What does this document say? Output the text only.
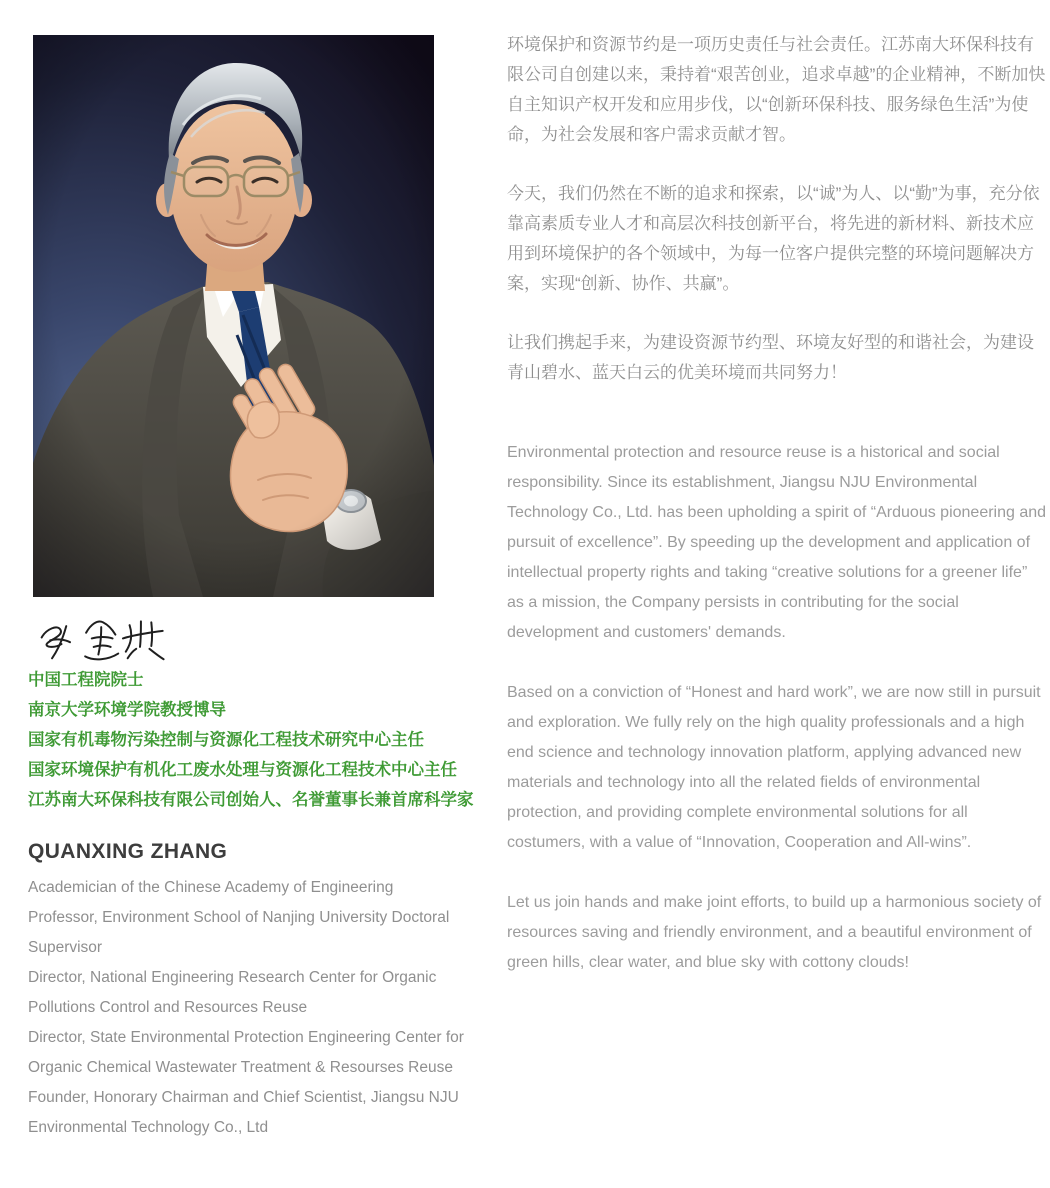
中国工程院院士
南京大学环境学院教授博导
国家有机毒物污染控制与资源化工程技术研究中心主任
国家环境保护有机化工废水处理与资源化工程技术中心主任
江苏南大环保科技有限公司创始人、名誉董事长兼首席科学家
QUANXING ZHANG
Academician of the Chinese Academy of Engineering
Professor, Environment School of Nanjing University Doctoral
Supervisor
Director, National Engineering Research Center for Organic
Pollutions Control and Resources Reuse
Director, State Environmental Protection Engineering Center for
Organic Chemical Wastewater Treatment & Resourses Reuse
Founder, Honorary Chairman and Chief Scientist, Jiangsu NJU
Environmental Technology Co., Ltd

环境保护和资源节约是一项历史责任与社会责任。江苏南大环保科技有限公司自创建以来，秉持着“艰苦创业，追求卓越”的企业精神，不断加快自主知识产权开发和应用步伐，以“创新环保科技、服务绿色生活”为使命，为社会发展和客户需求贡献才智。

今天，我们仍然在不断的追求和探索，以“诚”为人、以“勤”为事，充分依靠高素质专业人才和高层次科技创新平台，将先进的新材料、新技术应用到环境保护的各个领域中，为每一位客户提供完整的环境问题解决方案，实现“创新、协作、共赢”。

让我们携起手来，为建设资源节约型、环境友好型的和谐社会，为建设青山碧水、蓝天白云的优美环境而共同努力！

Environmental protection and resource reuse is a historical and social responsibility. Since its establishment, Jiangsu NJU Environmental Technology Co., Ltd. has been upholding a spirit of “Arduous pioneering and pursuit of excellence”. By speeding up the development and application of intellectual property rights and taking “creative solutions for a greener life” as a mission, the Company persists in contributing for the social development and customers' demands.

Based on a conviction of “Honest and hard work”, we are now still in pursuit and exploration. We fully rely on the high quality professionals and a high end science and technology innovation platform, applying advanced new materials and technology into all the related fields of environmental protection, and providing complete environmental solutions for all costumers, with a value of “Innovation, Cooperation and All-wins”.

Let us join hands and make joint efforts, to build up a harmonious society of resources saving and friendly environment, and a beautiful environment of green hills, clear water, and blue sky with cottony clouds!
